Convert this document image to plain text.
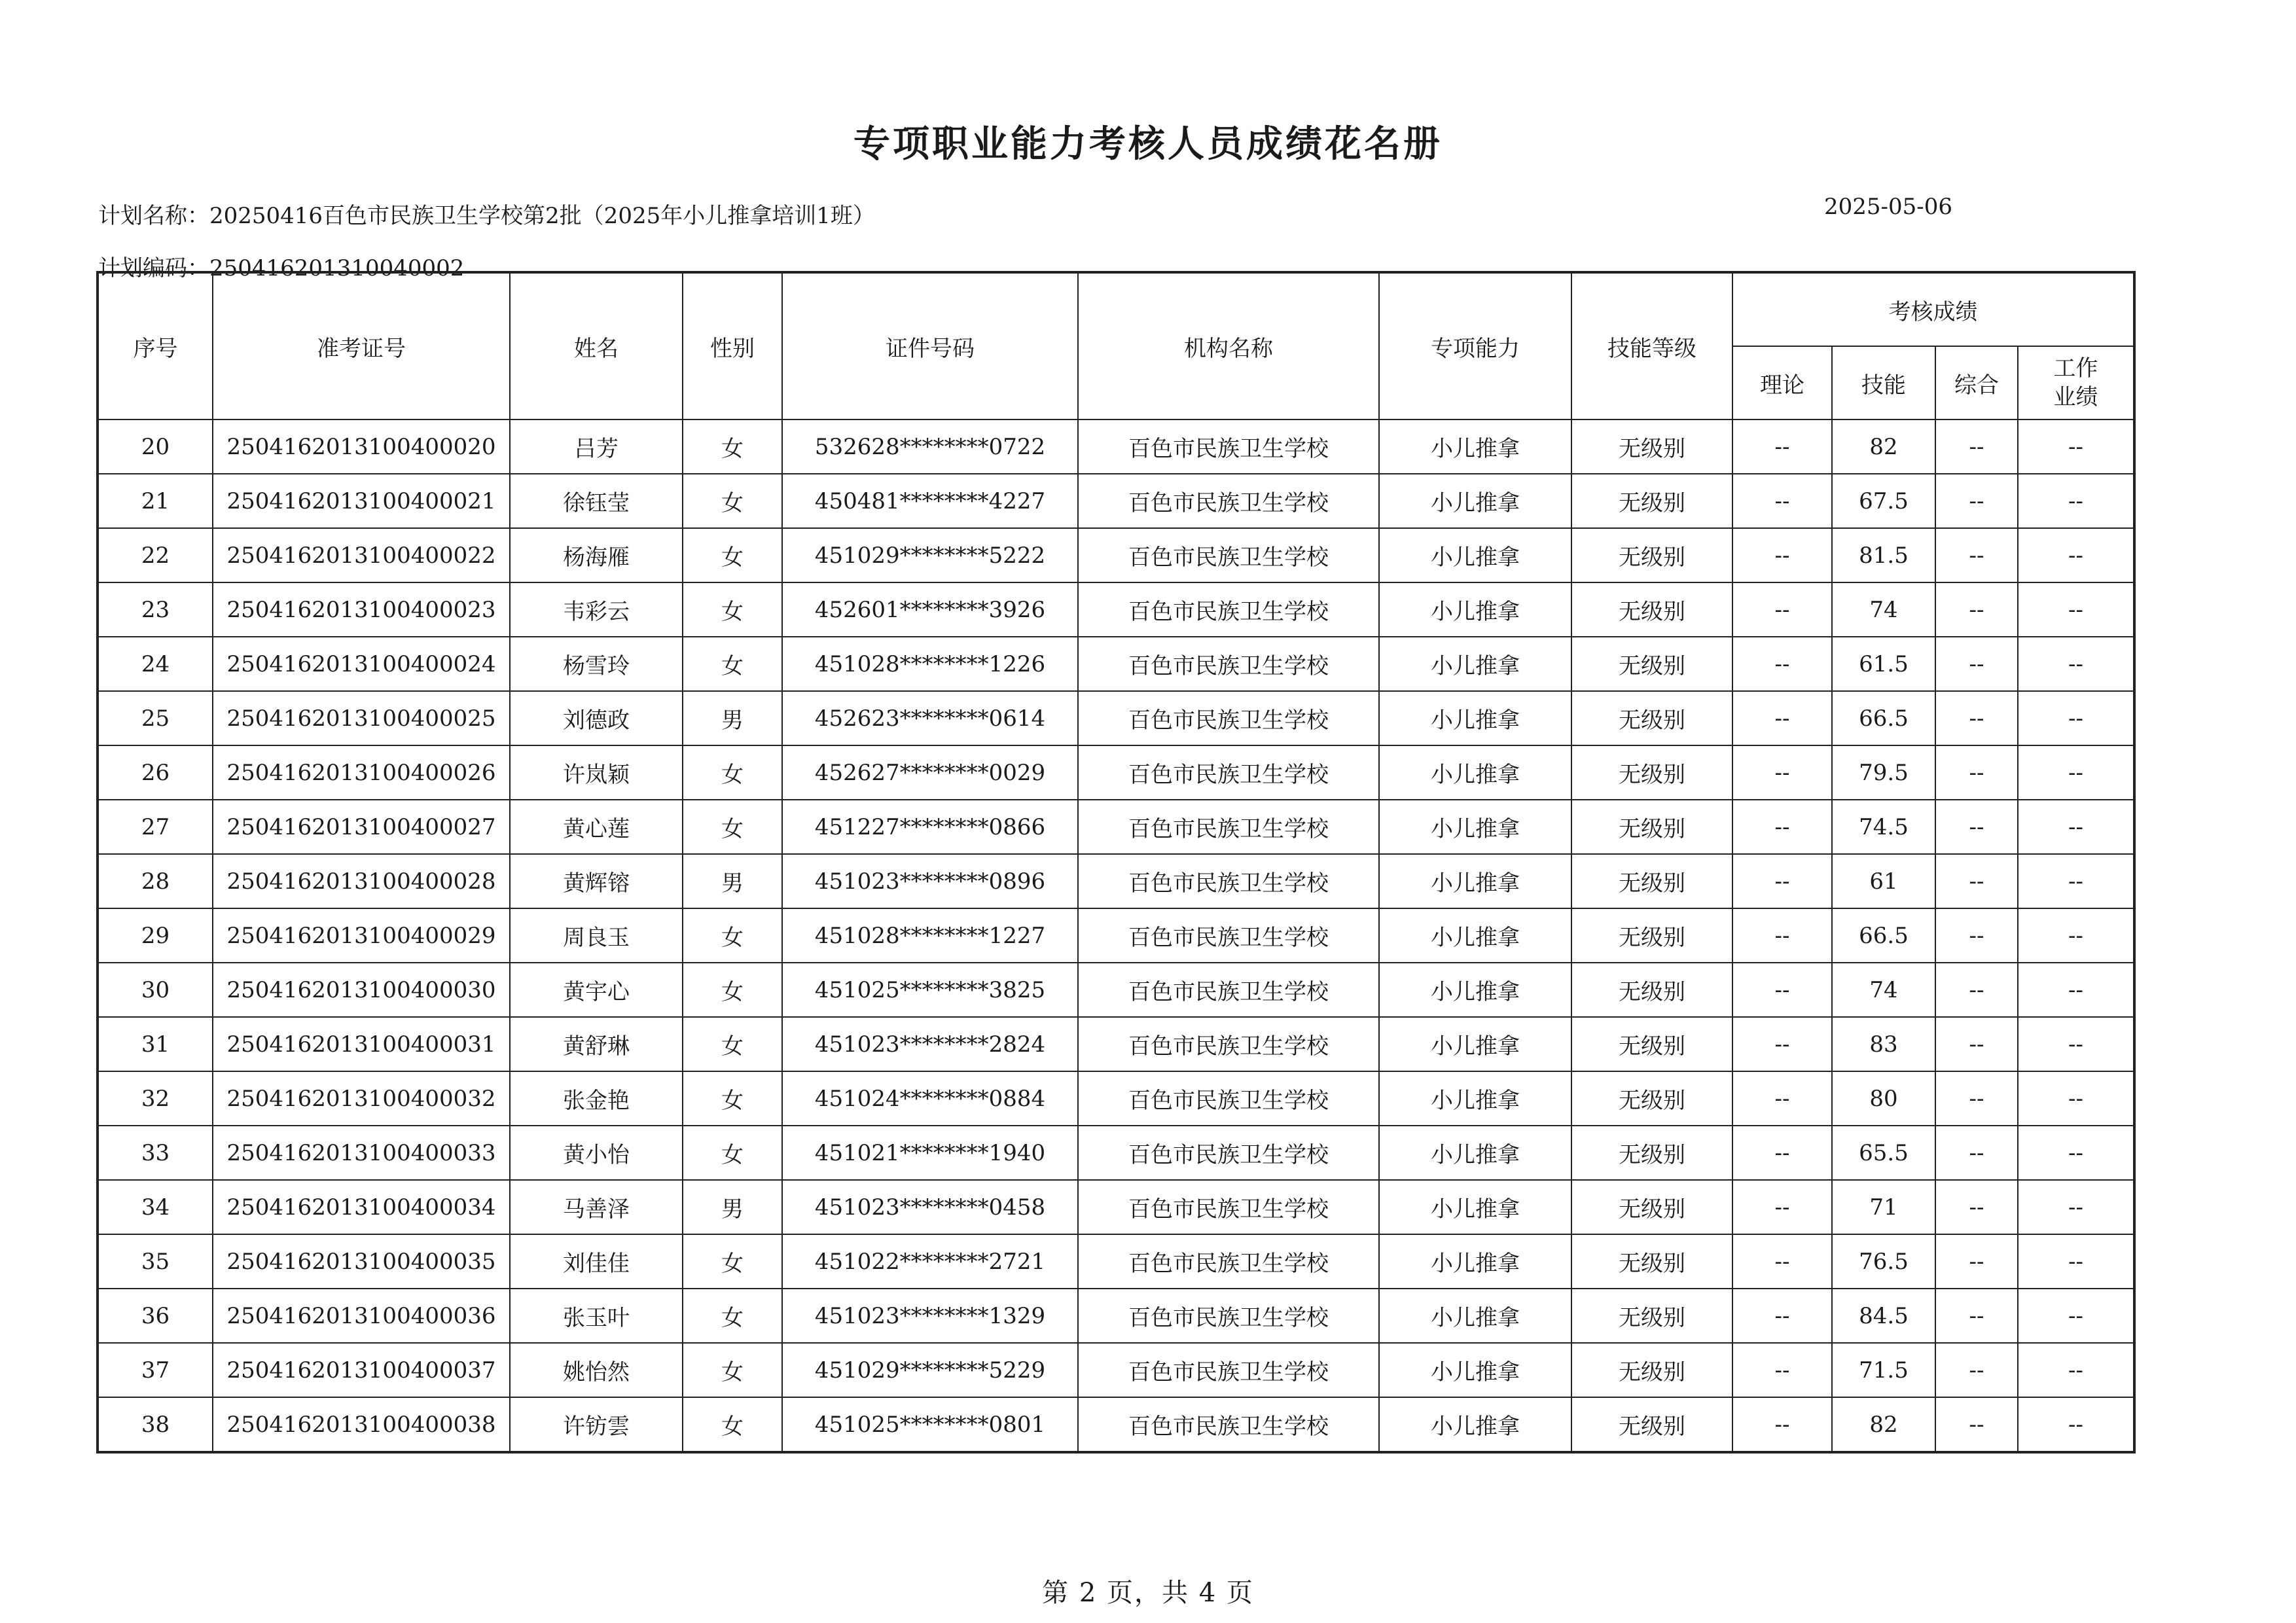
专项职业能力考核人员成绩花名册
计划名称：20250416百色市民族卫生学校第2批（2025年小儿推拿培训1班）
计划编码：250416201310040002
2025-05-06
序号	准考证号	姓名	性别	证件号码	机构名称	专项能力	技能等级	考核成绩			
								理论	技能	综合	工作
业绩
20	2504162013100400020	吕芳	女	532628********0722	百色市民族卫生学校	小儿推拿	无级别	--	82	--	--
21	2504162013100400021	徐钰莹	女	450481********4227	百色市民族卫生学校	小儿推拿	无级别	--	67.5	--	--
22	2504162013100400022	杨海雁	女	451029********5222	百色市民族卫生学校	小儿推拿	无级别	--	81.5	--	--
23	2504162013100400023	韦彩云	女	452601********3926	百色市民族卫生学校	小儿推拿	无级别	--	74	--	--
24	2504162013100400024	杨雪玲	女	451028********1226	百色市民族卫生学校	小儿推拿	无级别	--	61.5	--	--
25	2504162013100400025	刘德政	男	452623********0614	百色市民族卫生学校	小儿推拿	无级别	--	66.5	--	--
26	2504162013100400026	许岚颖	女	452627********0029	百色市民族卫生学校	小儿推拿	无级别	--	79.5	--	--
27	2504162013100400027	黄心莲	女	451227********0866	百色市民族卫生学校	小儿推拿	无级别	--	74.5	--	--
28	2504162013100400028	黄辉镕	男	451023********0896	百色市民族卫生学校	小儿推拿	无级别	--	61	--	--
29	2504162013100400029	周良玉	女	451028********1227	百色市民族卫生学校	小儿推拿	无级别	--	66.5	--	--
30	2504162013100400030	黄宇心	女	451025********3825	百色市民族卫生学校	小儿推拿	无级别	--	74	--	--
31	2504162013100400031	黄舒琳	女	451023********2824	百色市民族卫生学校	小儿推拿	无级别	--	83	--	--
32	2504162013100400032	张金艳	女	451024********0884	百色市民族卫生学校	小儿推拿	无级别	--	80	--	--
33	2504162013100400033	黄小怡	女	451021********1940	百色市民族卫生学校	小儿推拿	无级别	--	65.5	--	--
34	2504162013100400034	马善泽	男	451023********0458	百色市民族卫生学校	小儿推拿	无级别	--	71	--	--
35	2504162013100400035	刘佳佳	女	451022********2721	百色市民族卫生学校	小儿推拿	无级别	--	76.5	--	--
36	2504162013100400036	张玉叶	女	451023********1329	百色市民族卫生学校	小儿推拿	无级别	--	84.5	--	--
37	2504162013100400037	姚怡然	女	451029********5229	百色市民族卫生学校	小儿推拿	无级别	--	71.5	--	--
38	2504162013100400038	许钫雲	女	451025********0801	百色市民族卫生学校	小儿推拿	无级别	--	82	--	--
第 2 页，共 4 页
